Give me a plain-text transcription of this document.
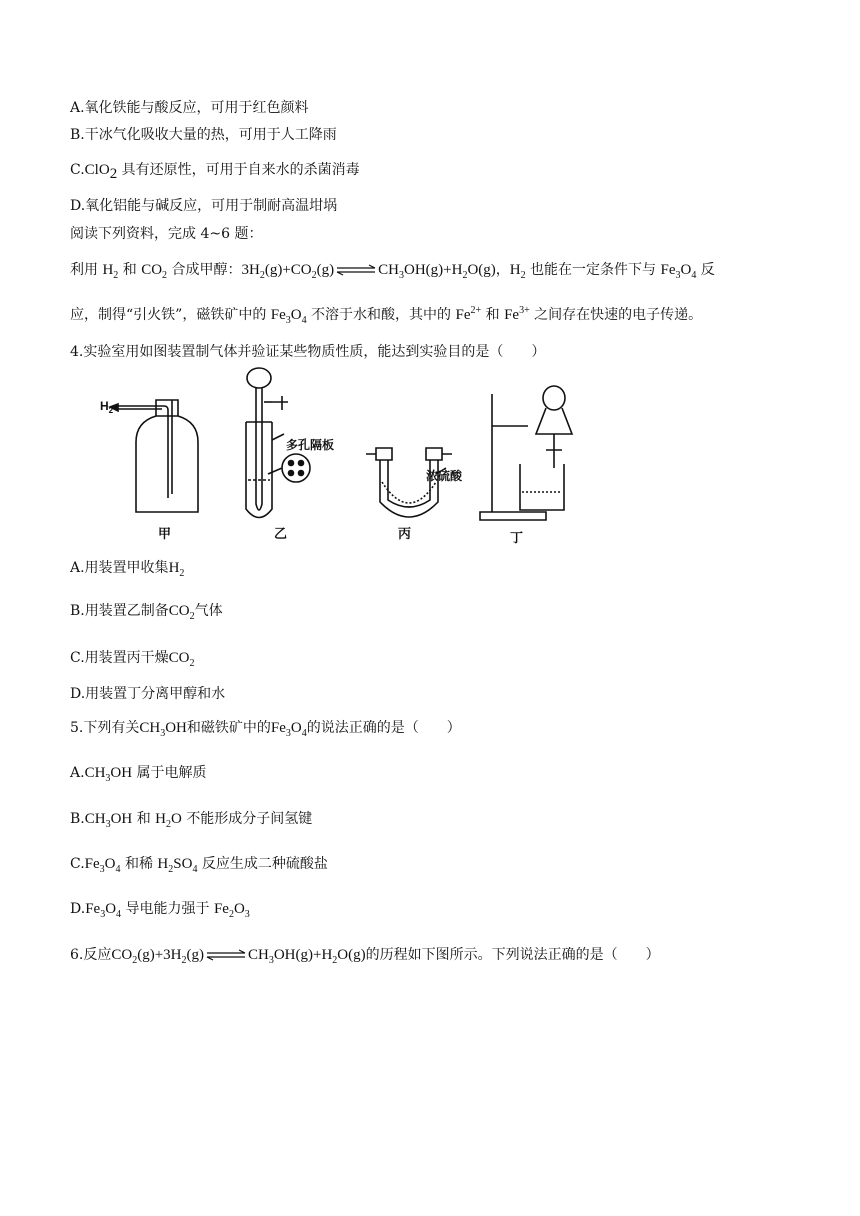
A.氧化铁能与酸反应，可用于红色颜料
B.干冰气化吸收大量的热，可用于人工降雨
C.ClO$_2$ 具有还原性，可用于自来水的杀菌消毒
D.氧化铝能与碱反应，可用于制耐高温坩埚
阅读下列资料，完成 4~6 题：
利用 $H_2$ 和 $CO_2$ 合成甲醇：$3H_2(g)+CO_2(g)$ ⇌ $CH_3OH(g)+H_2O(g)$，$H_2$ 也能在一定条件下与 $Fe_3O_4$ 反
应，制得“引火铁”，磁铁矿中的 $Fe_3O_4$ 不溶于水和酸，其中的 $Fe^{2+}$ 和 $Fe^{3+}$ 之间存在快速的电子传递。
4.实验室用如图装置制气体并验证某些物质性质，能达到实验目的是（　　）
$H_2$
多孔隔板
浓硫酸
甲	乙	丙	丁
A.用装置甲收集$H_2$
B.用装置乙制备$CO_2$气体
C.用装置丙干燥$CO_2$
D.用装置丁分离甲醇和水
5.下列有关$CH_3OH$和磁铁矿中的$Fe_3O_4$的说法正确的是（　　）
$A.CH_3OH$ 属于电解质
$B.CH_3OH$ 和 $H_2O$ 不能形成分子间氢键
$C.Fe_3O_4$ 和稀 $H_2SO_4$ 反应生成二种硫酸盐
$D.Fe_3O_4$ 导电能力强于 $Fe_2O_3$
6.反应$CO_2(g)+3H_2(g)$ ⇌ $CH_3OH(g)+H_2O(g)$的历程如下图所示。下列说法正确的是（　　）
